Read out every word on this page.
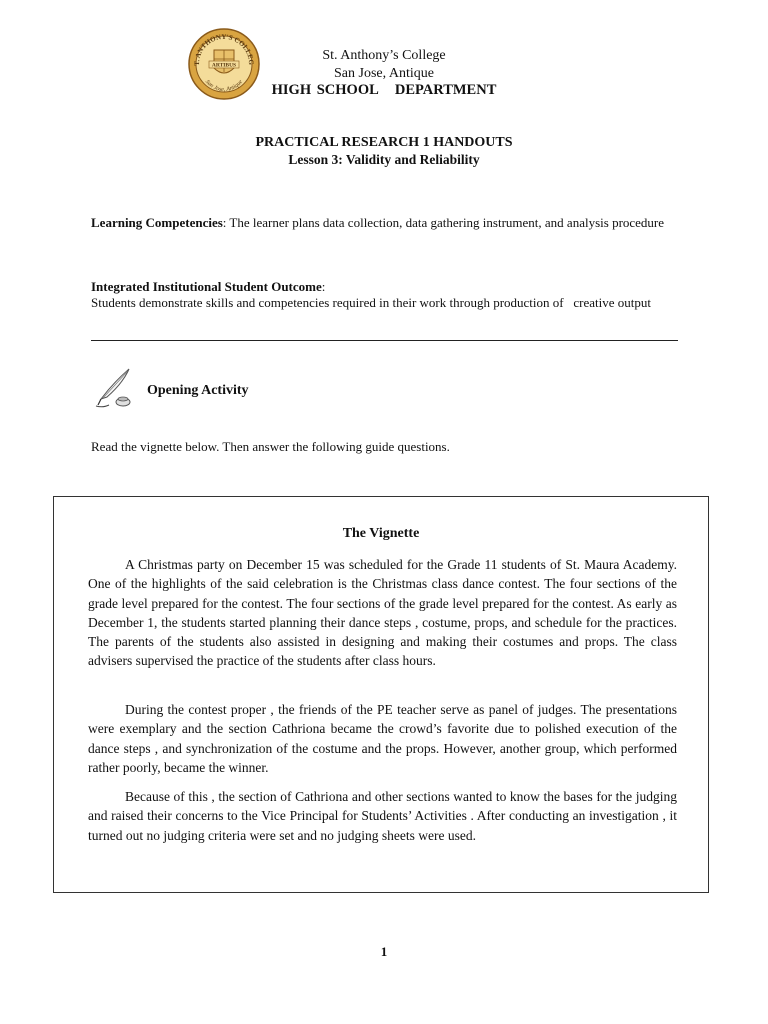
T. ANTHONY'S COLLEG
San Jose, Antique
ARTIBUS
St. Anthony’s College
San Jose, Antique
HIGH SCHOOL   DEPARTMENT
PRACTICAL RESEARCH 1 HANDOUTS
Lesson 3: Validity and Reliability
Learning Competencies: The learner plans data collection, data gathering instrument, and analysis procedure
Integrated Institutional Student Outcome:
Students demonstrate skills and competencies required in their work through production of   creative output
Opening Activity
Read the vignette below. Then answer the following guide questions.
The Vignette
A Christmas party on December 15 was scheduled for the Grade 11 students of St. Maura Academy. One of the highlights of the said celebration is the Christmas class dance contest. The four sections of the grade level prepared for the contest. The four sections of the grade level prepared for the contest. As early as December 1, the students started planning their dance steps , costume, props, and schedule for the practices. The parents of the students also assisted in designing and making their costumes and props. The class advisers supervised the practice of the students after class hours.
During the contest proper , the friends of the PE teacher serve as panel of judges. The presentations were exemplary and the section Cathriona became the crowd’s favorite due to polished execution of the dance steps , and synchronization of the costume and the props. However, another group, which performed rather poorly, became the winner.
Because of this , the section of Cathriona and other sections wanted to know the bases for the judging and raised their concerns to the Vice Principal for Students’ Activities . After conducting an investigation , it turned out no judging criteria were set and no judging sheets were used.
1
